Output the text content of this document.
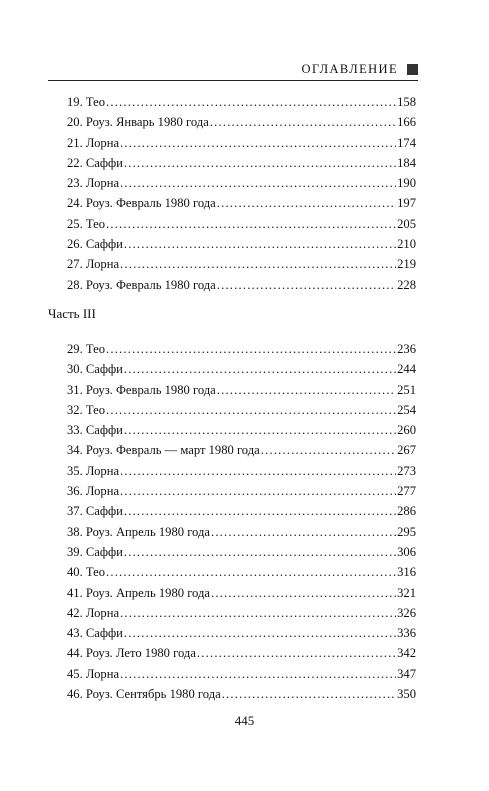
ОГЛАВЛЕНИЕ
19. Тео .....	158
20. Роуз. Январь 1980 года .....	166
21. Лорна .....	174
22. Саффи .....	184
23. Лорна .....	190
24. Роуз. Февраль 1980 года .....	197
25. Тео .....	205
26. Саффи .....	210
27. Лорна .....	219
28. Роуз. Февраль 1980 года .....	228
Часть III
29. Тео .....	236
30. Саффи .....	244
31. Роуз. Февраль 1980 года .....	251
32. Тео .....	254
33. Саффи .....	260
34. Роуз. Февраль — март 1980 года .....	267
35. Лорна .....	273
36. Лорна .....	277
37. Саффи .....	286
38. Роуз. Апрель 1980 года .....	295
39. Саффи .....	306
40. Тео .....	316
41. Роуз. Апрель 1980 года .....	321
42. Лорна .....	326
43. Саффи .....	336
44. Роуз. Лето 1980 года .....	342
45. Лорна .....	347
46. Роуз. Сентябрь 1980 года .....	350
445
